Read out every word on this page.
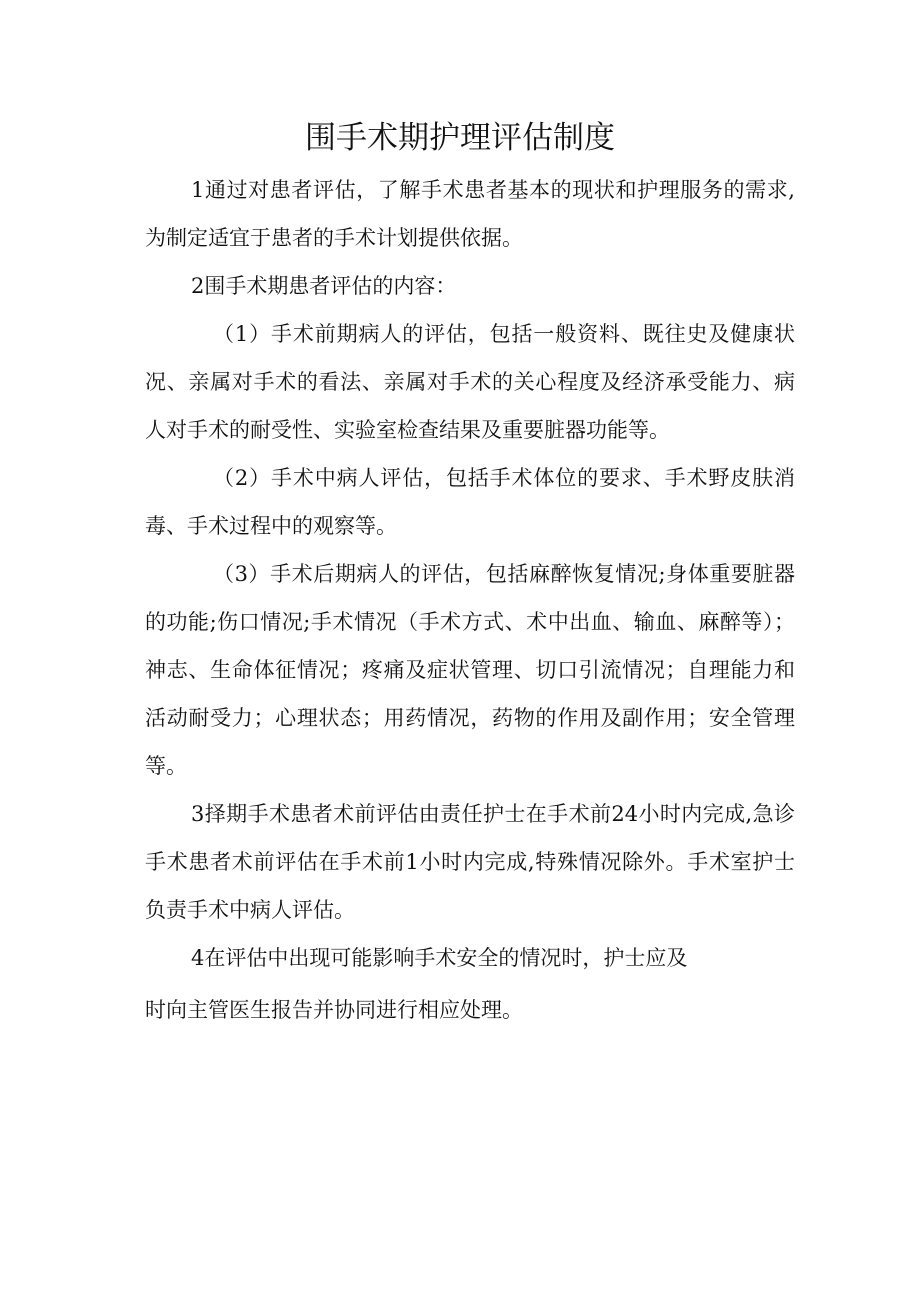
围手术期护理评估制度

1通过对患者评估，了解手术患者基本的现状和护理服务的需求,为制定适宜于患者的手术计划提供依据。

2围手术期患者评估的内容：

（1）手术前期病人的评估，包括一般资料、既往史及健康状况、亲属对手术的看法、亲属对手术的关心程度及经济承受能力、病人对手术的耐受性、实验室检查结果及重要脏器功能等。

（2）手术中病人评估，包括手术体位的要求、手术野皮肤消毒、手术过程中的观察等。

（3）手术后期病人的评估，包括麻醉恢复情况;身体重要脏器的功能;伤口情况;手术情况（手术方式、术中出血、输血、麻醉等）；神志、生命体征情况；疼痛及症状管理、切口引流情况；自理能力和活动耐受力；心理状态；用药情况，药物的作用及副作用；安全管理等。

3择期手术患者术前评估由责任护士在手术前24小时内完成,急诊手术患者术前评估在手术前1小时内完成,特殊情况除外。手术室护士负责手术中病人评估。

4在评估中出现可能影响手术安全的情况时，护士应及

时向主管医生报告并协同进行相应处理。
